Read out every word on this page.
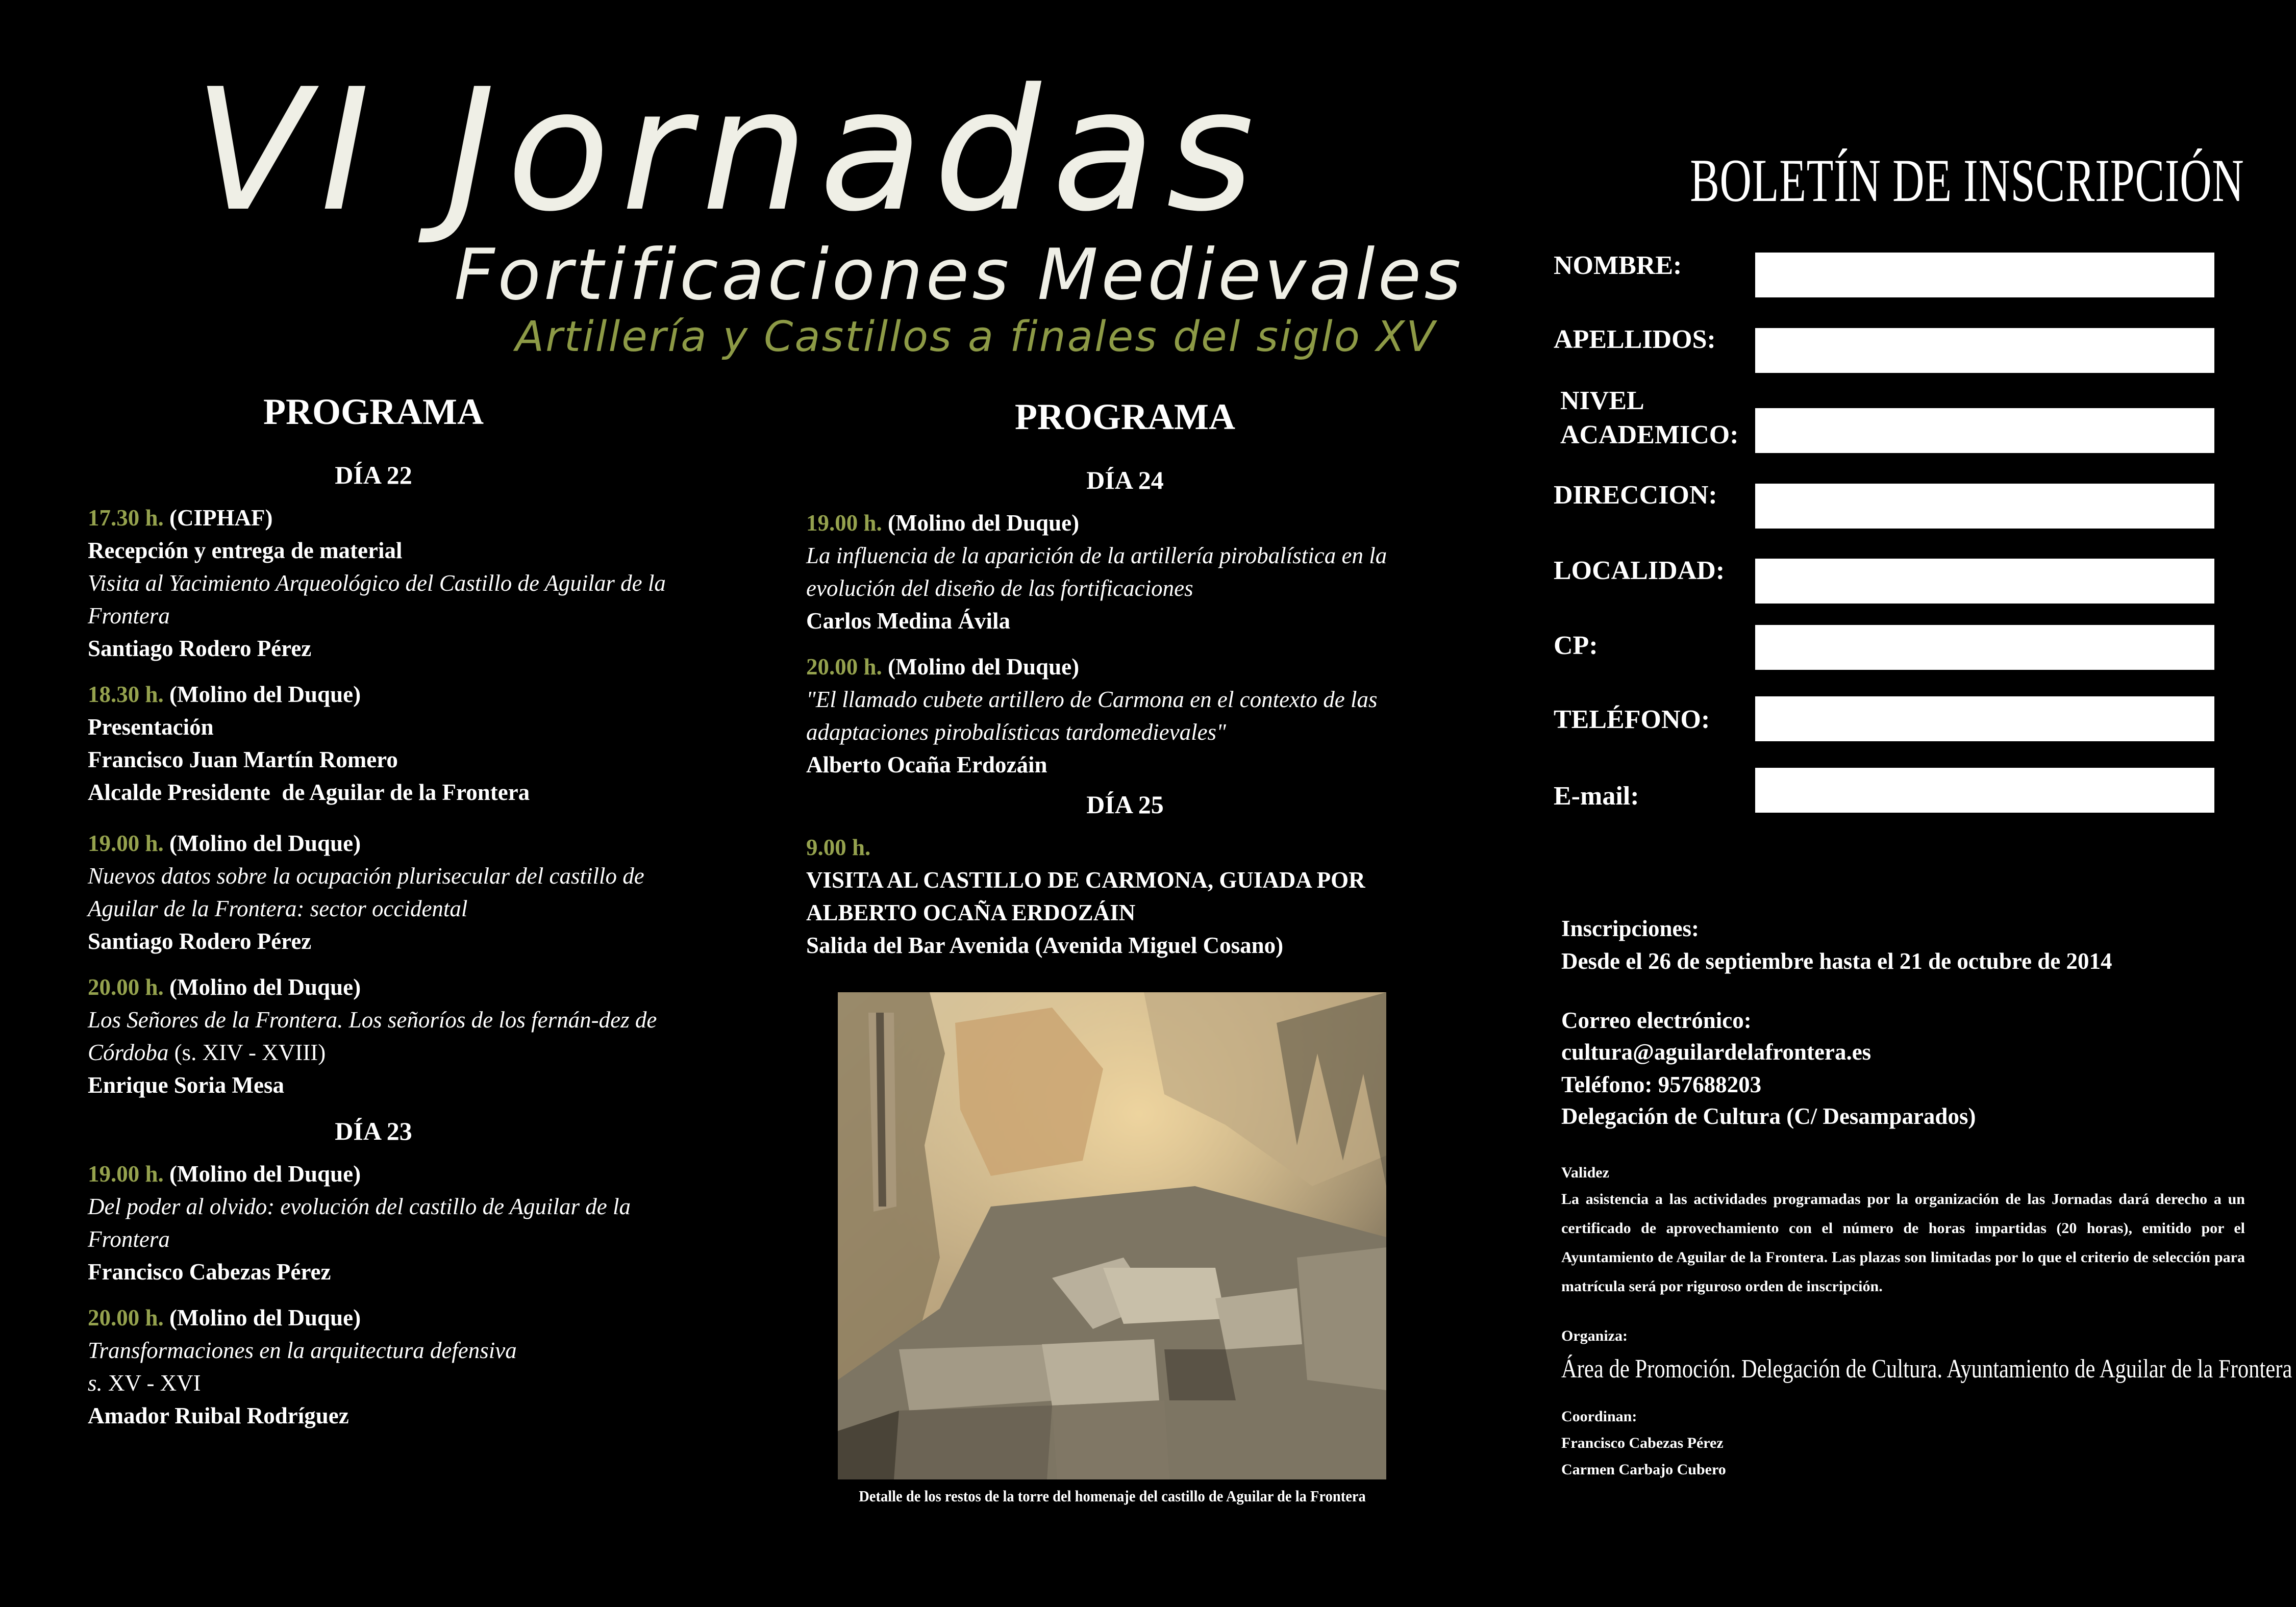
VI Jornadas
Fortificaciones Medievales
Artillería y Castillos a finales del siglo XV
PROGRAMA
DÍA 22
17.30 h. (CIPHAF)
Recepción y entrega de material
Visita al Yacimiento Arqueológico del Castillo de Aguilar de la Frontera
Santiago Rodero Pérez
18.30 h. (Molino del Duque)
Presentación
Francisco Juan Martín Romero
Alcalde Presidente  de Aguilar de la Frontera
19.00 h. (Molino del Duque)
Nuevos datos sobre la ocupación plurisecular del castillo de Aguilar de la Frontera: sector occidental
Santiago Rodero Pérez
20.00 h. (Molino del Duque)
Los Señores de la Frontera. Los señoríos de los fernán-dez de Córdoba (s. XIV - XVIII)
Enrique Soria Mesa
DÍA 23
19.00 h. (Molino del Duque)
Del poder al olvido: evolución del castillo de Aguilar de la Frontera
Francisco Cabezas Pérez
20.00 h. (Molino del Duque)
Transformaciones en la arquitectura defensiva
s. XV - XVI
Amador Ruibal Rodríguez
PROGRAMA
DÍA 24
19.00 h. (Molino del Duque)
La influencia de la aparición de la artillería pirobalística en la evolución del diseño de las fortificaciones
Carlos Medina Ávila
20.00 h. (Molino del Duque)
"El llamado cubete artillero de Carmona en el contexto de las adaptaciones pirobalísticas tardomedievales"
Alberto Ocaña Erdozáin
DÍA 25
9.00 h.
VISITA AL CASTILLO DE CARMONA, GUIADA POR ALBERTO OCAÑA ERDOZÁIN
Salida del Bar Avenida (Avenida Miguel Cosano)
Detalle de los restos de la torre del homenaje del castillo de Aguilar de la Frontera
BOLETÍN DE INSCRIPCIÓN
NOMBRE:
APELLIDOS:
NIVEL
ACADEMICO:
DIRECCION:
LOCALIDAD:
CP:
TELÉFONO:
E-mail:
Inscripciones:
Desde el 26 de septiembre hasta el 21 de octubre de 2014
Correo electrónico:
cultura@aguilardelafrontera.es
Teléfono: 957688203
Delegación de Cultura (C/ Desamparados)
Validez
La asistencia a las actividades programadas por la organización de las Jornadas dará derecho a un certificado de aprovechamiento con el número de horas impartidas (20 horas), emitido por el Ayuntamiento de Aguilar de la Frontera. Las plazas son limitadas por lo que el criterio de selección para matrícula será por riguroso orden de inscripción.
Organiza:
Área de Promoción. Delegación de Cultura. Ayuntamiento de Aguilar de la Frontera
Coordinan:
Francisco Cabezas Pérez
Carmen Carbajo Cubero
